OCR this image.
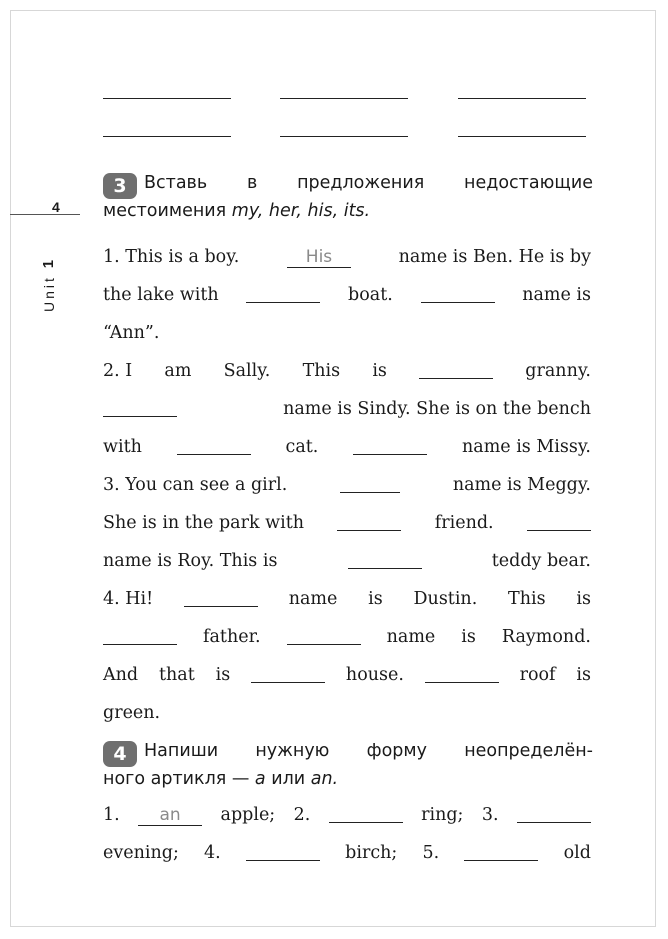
4
Unit 1
3 Вставь в предложения недостающие
местоимения my, her, his, its.
1. This is a boy.	His	name is Ben. He is by
the lake with	boat.	name is
“Ann”.
2. I am Sally. This is	granny.
name is Sindy. She is on the bench
with	cat.	name is Missy.
3. You can see a girl.	name is Meggy.
She is in the park with	friend.
name is Roy. This is	teddy bear.
4. Hi!	name is Dustin. This is
father.	name is Raymond.
And that is	house.	roof is
green.
4 Напиши нужную форму неопределён-
ного артикля — a или an.
1.	an	apple; 2.	ring; 3.
evening; 4.	birch; 5.	old
